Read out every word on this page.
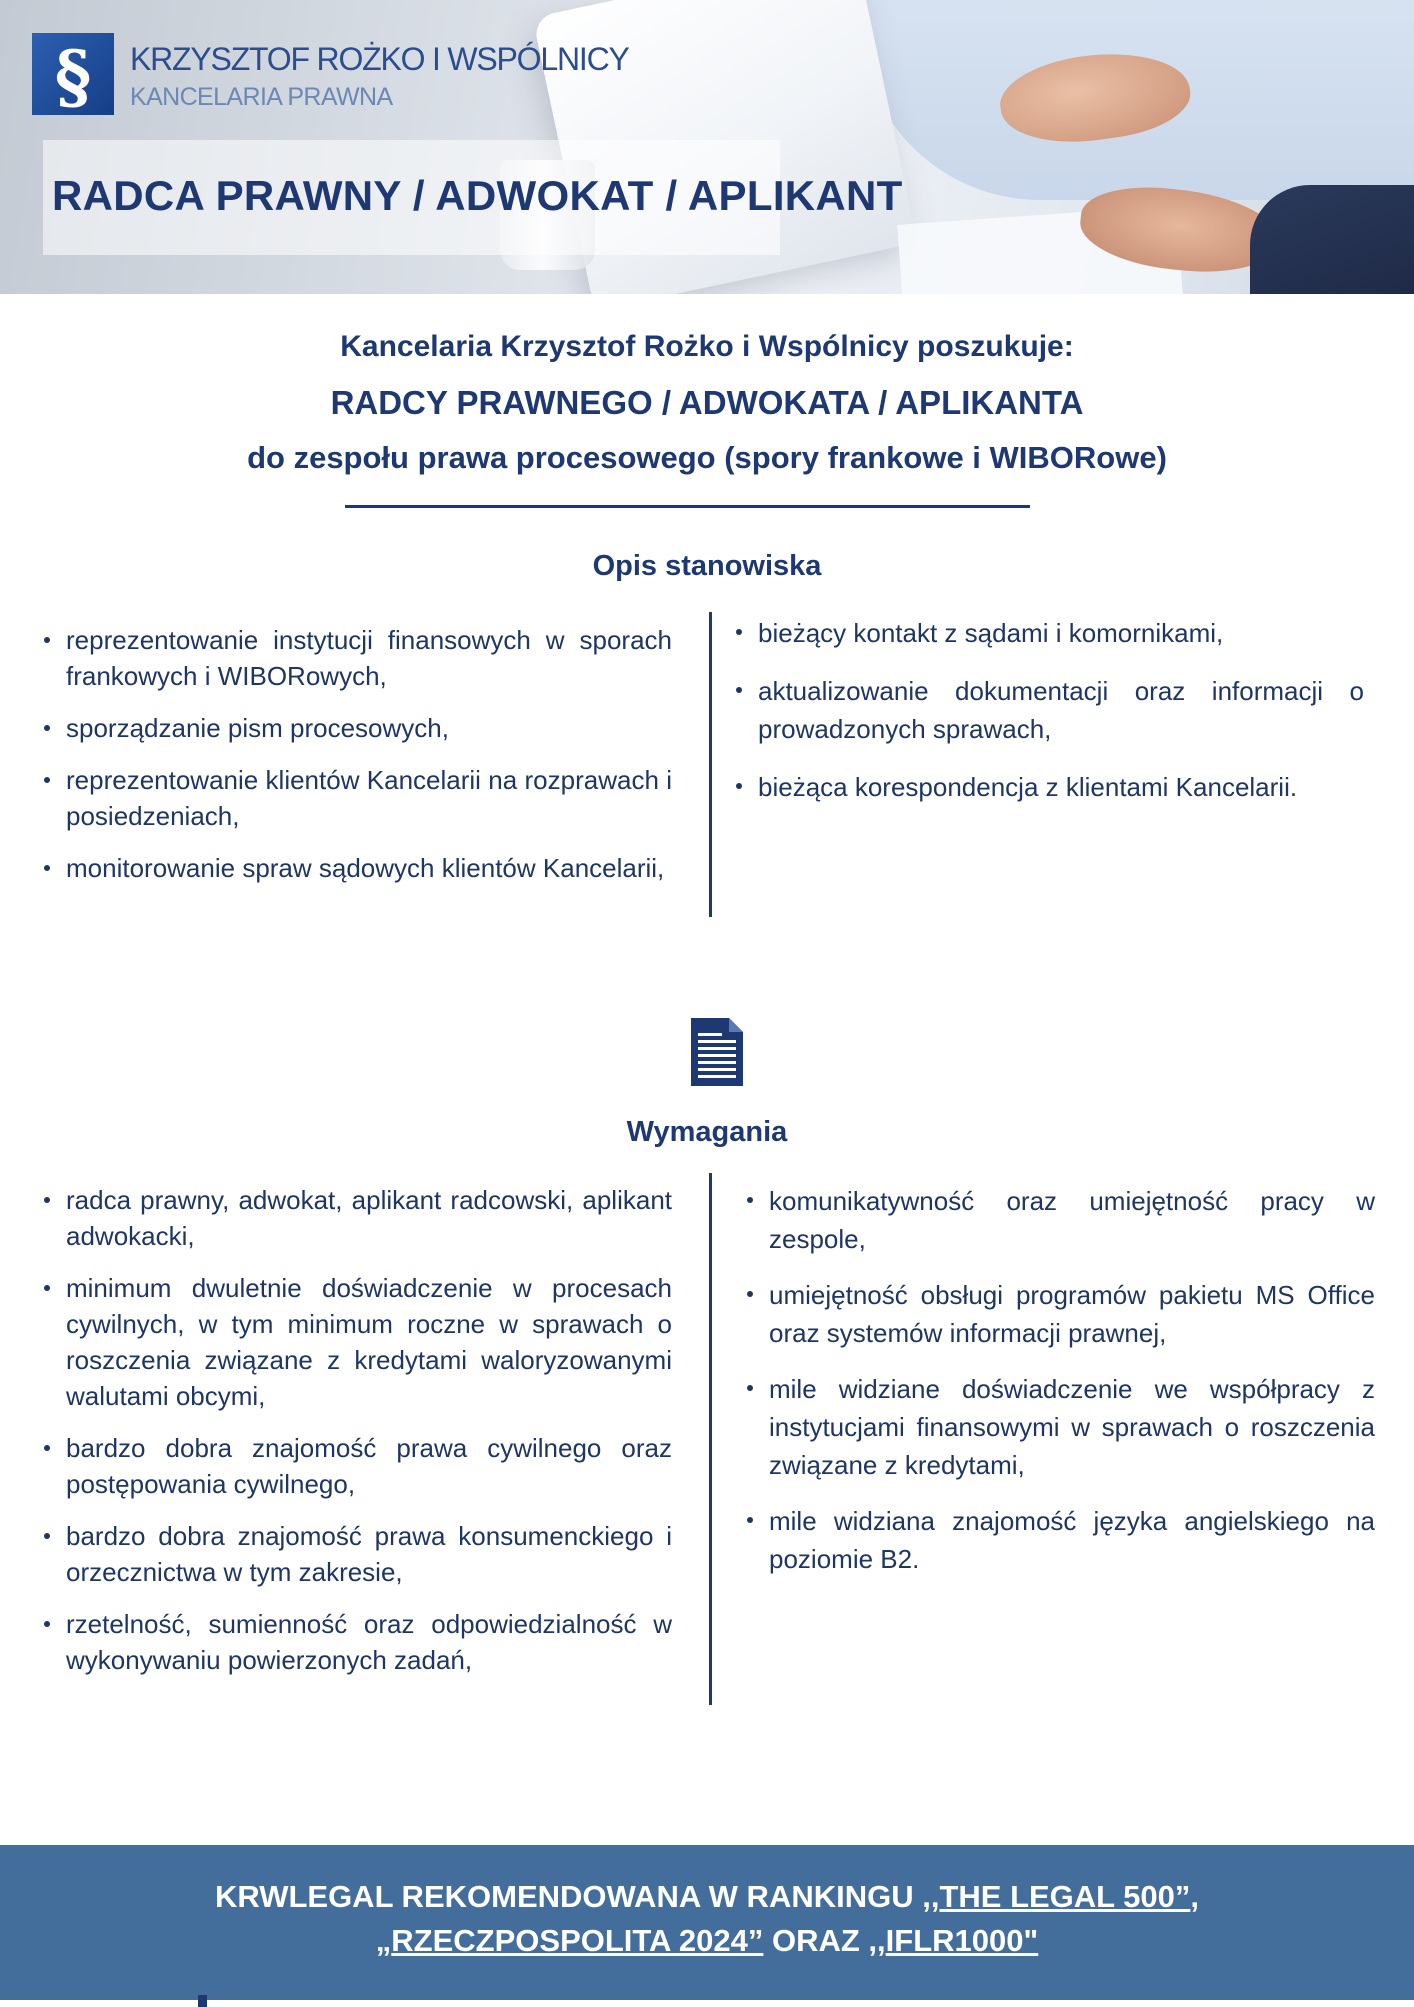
§ KRZYSZTOF ROŻKO I WSPÓLNICY
KANCELARIA PRAWNA
RADCA PRAWNY / ADWOKAT / APLIKANT
Kancelaria Krzysztof Rożko i Wspólnicy poszukuje:
RADCY PRAWNEGO / ADWOKATA / APLIKANTA
do zespołu prawa procesowego (spory frankowe i WIBORowe)
Opis stanowiska
reprezentowanie instytucji finansowych w sporach frankowych i WIBORowych,
sporządzanie pism procesowych,
reprezentowanie klientów Kancelarii na rozprawach i posiedzeniach,
monitorowanie spraw sądowych klientów Kancelarii,
bieżący kontakt z sądami i komornikami,
aktualizowanie dokumentacji oraz informacji o prowadzonych sprawach,
bieżąca korespondencja z klientami Kancelarii.
Wymagania
radca prawny, adwokat, aplikant radcowski, aplikant adwokacki,
minimum dwuletnie doświadczenie w procesach cywilnych, w tym minimum roczne w sprawach o roszczenia związane z kredytami waloryzowanymi walutami obcymi,
bardzo dobra znajomość prawa cywilnego oraz postępowania cywilnego,
bardzo dobra znajomość prawa konsumenckiego i orzecznictwa w tym zakresie,
rzetelność, sumienność oraz odpowiedzialność w wykonywaniu powierzonych zadań,
komunikatywność oraz umiejętność pracy w zespole,
umiejętność obsługi programów pakietu MS Office oraz systemów informacji prawnej,
mile widziane doświadczenie we współpracy z instytucjami finansowymi w sprawach o roszczenia związane z kredytami,
mile widziana znajomość języka angielskiego na poziomie B2.
KRWLEGAL REKOMENDOWANA W RANKINGU ,,THE LEGAL 500”,
„RZECZPOSPOLITA 2024” ORAZ ,,IFLR1000"
